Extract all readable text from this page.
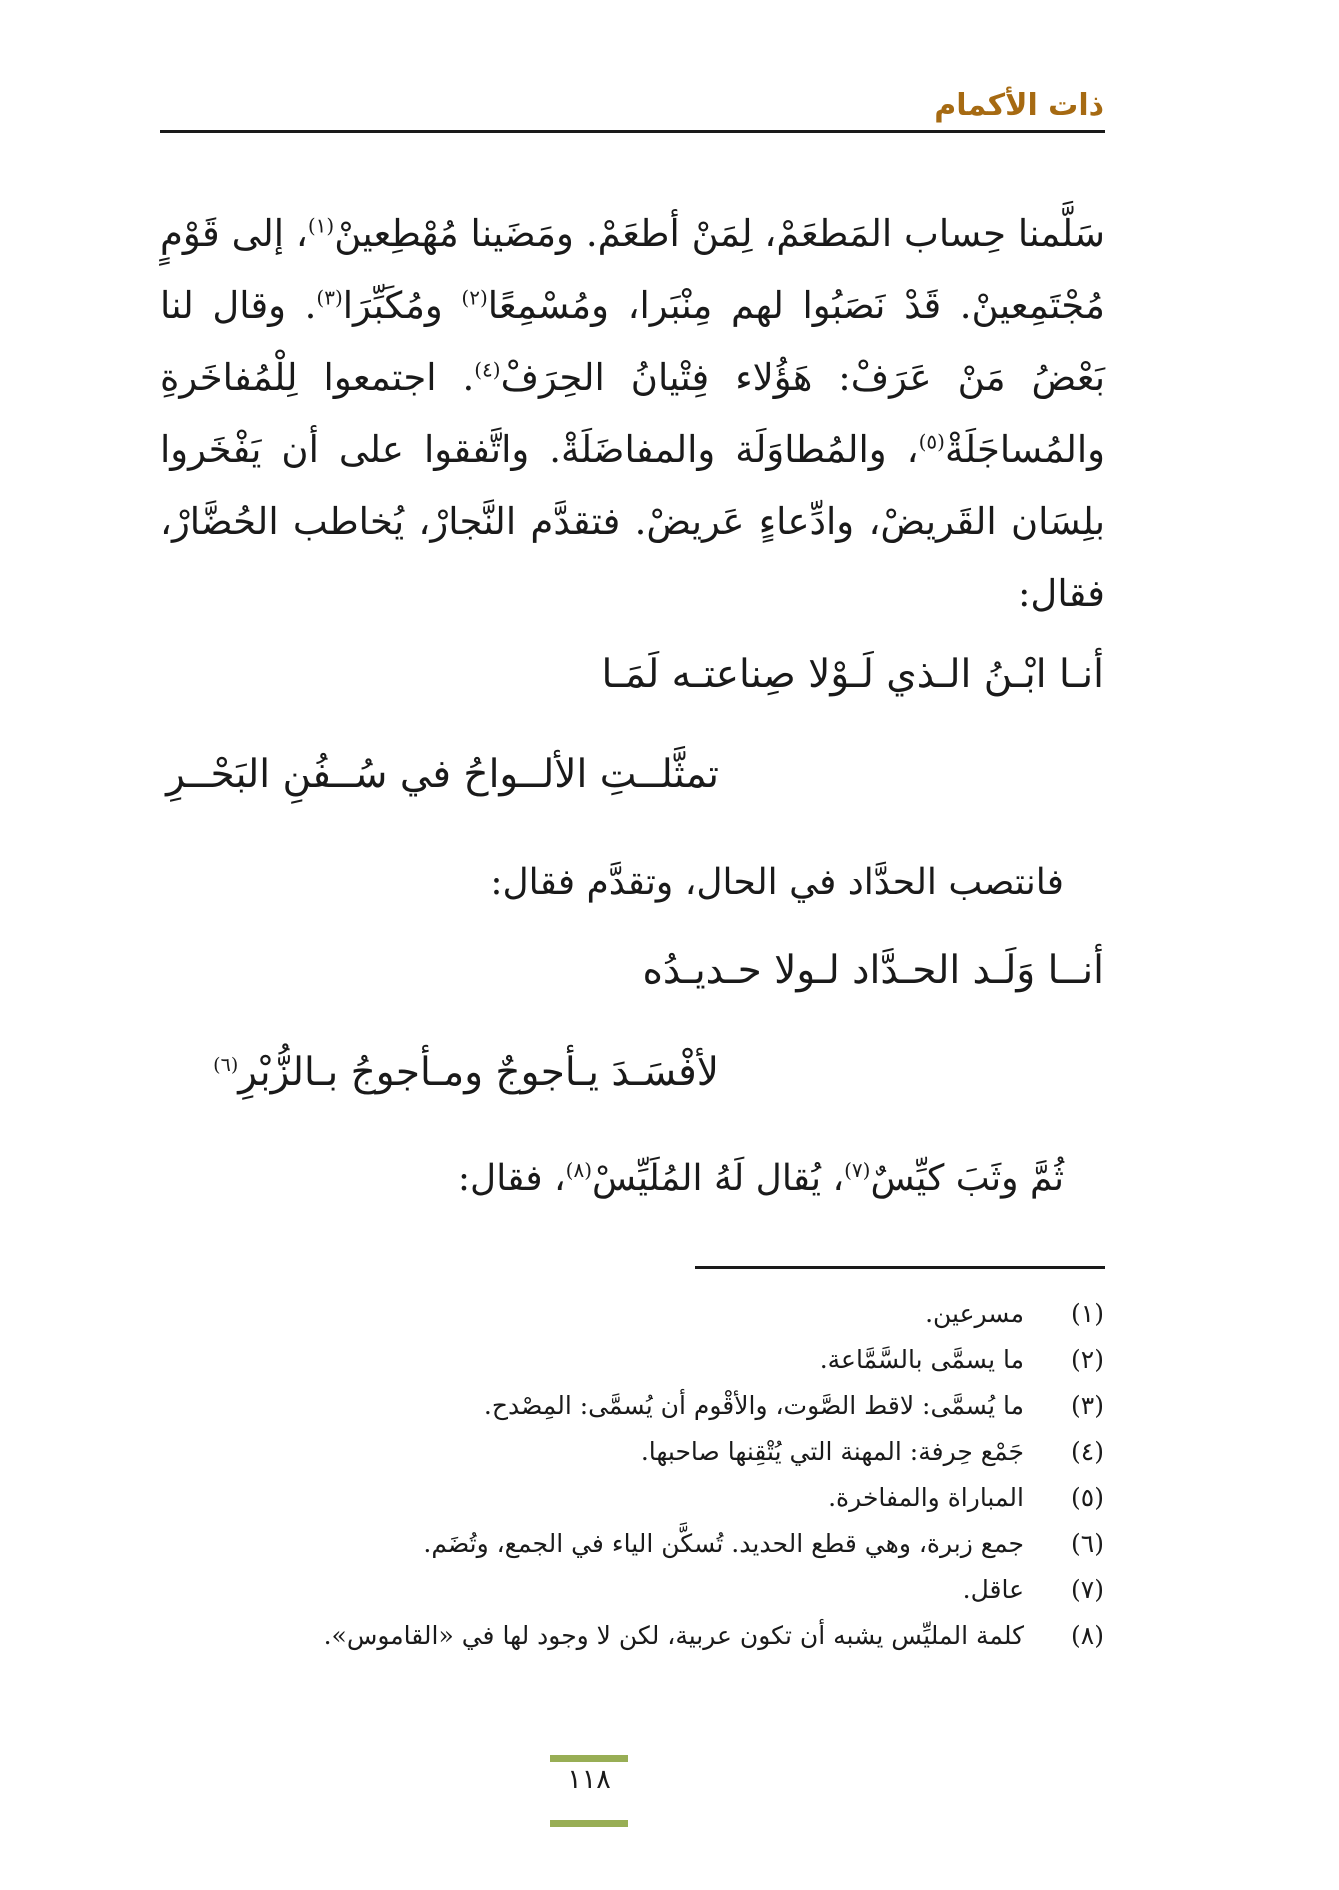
ذات الأكمام

سَلَّمنا حِساب المَطعَمْ، لِمَنْ أطعَمْ. ومَضَينا مُهْطِعينْ$^{(١)}$، إلى قَوْمٍ مُجْتَمِعينْ. قَدْ نَصَبُوا لهم مِنْبَرا، ومُسْمِعًا$^{(٢)}$ ومُكَبِّرَا$^{(٣)}$. وقال لنا بَعْضُ مَنْ عَرَفْ: هَؤُلاء فِتْيانُ الحِرَفْ$^{(٤)}$. اجتمعوا لِلْمُفاخَرةِ والمُساجَلَةْ$^{(٥)}$، والمُطاوَلَة والمفاضَلَةْ. واتَّفقوا على أن يَفْخَروا بلِسَان القَريضْ، وادِّعاءٍ عَريضْ. فتقدَّم النَّجارْ، يُخاطب الحُضَّارْ، فقال:

أنـا ابْـنُ الـذي لَـوْلا صِناعتـه لَمَـا
تمثَّلــتِ الألــواحُ في سُــفُنِ البَحْــرِ
فانتصب الحدَّاد في الحال، وتقدَّم فقال:
أنــا وَلَـد الحـدَّاد لـولا حـديـدُه
لأفْسَـدَ يـأجوجٌ ومـأجوجُ بـالزُّبْرِ$^{(٦)}$
ثُمَّ وثَبَ كيِّسٌ$^{(٧)}$، يُقال لَهُ المُلَيِّسْ$^{(٨)}$، فقال:
(١)
مسرعين.
(٢)
ما يسمَّى بالسَّمَّاعة.
(٣)
ما يُسمَّى: لاقط الصَّوت، والأقْوم أن يُسمَّى: المِصْدح.
(٤)
جَمْع حِرفة: المهنة التي يُتْقِنها صاحبها.
(٥)
المباراة والمفاخرة.
(٦)
جمع زبرة، وهي قطع الحديد. تُسكَّن الياء في الجمع، وتُضَم.
(٧)
عاقل.
(٨)
كلمة المليِّس يشبه أن تكون عربية، لكن لا وجود لها في «القاموس».
١١٨
